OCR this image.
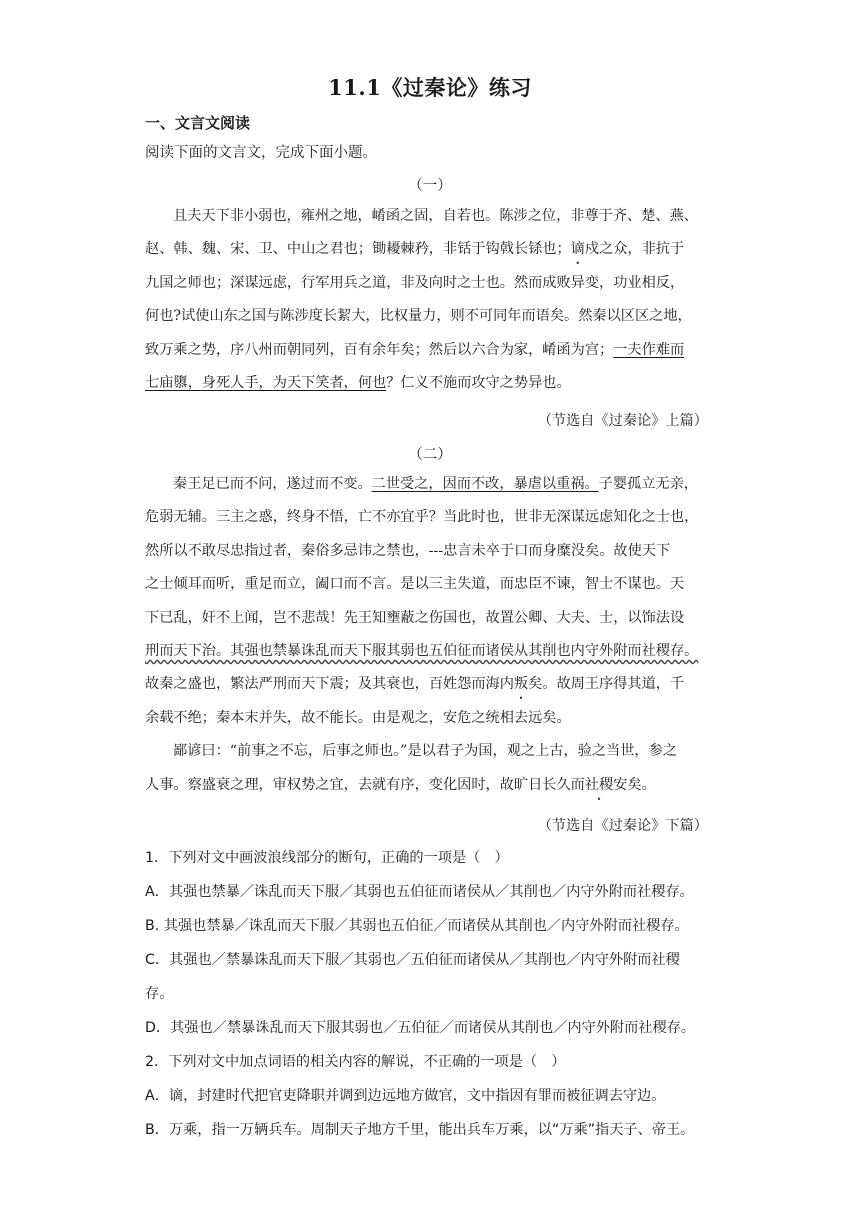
11.1《过秦论》练习
一、文言文阅读
阅读下面的文言文，完成下面小题。
（一）
且夫天下非小弱也，雍州之地，崤函之固，自若也。陈涉之位，非尊于齐、楚、燕、
赵、韩、魏、宋、卫、中山之君也；锄耰棘矜，非铦于钩戟长铩也；谪戍之众，非抗于
九国之师也；深谋远虑，行军用兵之道，非及向时之士也。然而成败异变，功业相反，
何也?试使山东之国与陈涉度长絜大，比权量力，则不可同年而语矣。然秦以区区之地，
致万乘之势，序八州而朝同列，百有余年矣；然后以六合为家，崤函为宫；一夫作难而
七庙隳，身死人手，为天下笑者，何也？仁义不施而攻守之势异也。
（节选自《过秦论》上篇）
（二）
秦王足已而不问，遂过而不变。二世受之，因而不改，暴虐以重祸。子婴孤立无亲，
危弱无辅。三主之惑，终身不悟，亡不亦宜乎？当此时也，世非无深谋远虑知化之士也，
然所以不敢尽忠指过者，秦俗多忌讳之禁也，---忠言未卒于口而身糜没矣。故使天下
之士倾耳而听，重足而立，阖口而不言。是以三主失道，而忠臣不谏，智士不谋也。天
下已乱，奸不上闻，岂不悲哉！先王知壅蔽之伤国也，故置公卿、大夫、士，以饰法设
刑而天下治。其强也禁暴诛乱而天下服其弱也五伯征而诸侯从其削也内守外附而社稷存。
故秦之盛也，繁法严刑而天下震；及其衰也，百姓怨而海内叛矣。故周王序得其道，千
余载不绝；秦本末并失，故不能长。由是观之，安危之统相去远矣。
鄙谚曰：“前事之不忘，后事之师也。”是以君子为国，观之上古，验之当世，参之
人事。察盛衰之理，审权势之宜，去就有序，变化因时，故旷日长久而社稷安矣。
（节选自《过秦论》下篇）
1．下列对文中画波浪线部分的断句，正确的一项是（　）
A．其强也禁暴／诛乱而天下服／其弱也五伯征而诸侯从／其削也／内守外附而社稷存。
B. 其强也禁暴／诛乱而天下服／其弱也五伯征／而诸侯从其削也／内守外附而社稷存。
C．其强也／禁暴诛乱而天下服／其弱也／五伯征而诸侯从／其削也／内守外附而社稷
存。
D．其强也／禁暴诛乱而天下服其弱也／五伯征／而诸侯从其削也／内守外附而社稷存。
2．下列对文中加点词语的相关内容的解说，不正确的一项是（　）
A．谪，封建时代把官吏降职并调到边远地方做官，文中指因有罪而被征调去守边。
B．万乘，指一万辆兵车。周制天子地方千里，能出兵车万乘，以“万乘”指天子、帝王。
